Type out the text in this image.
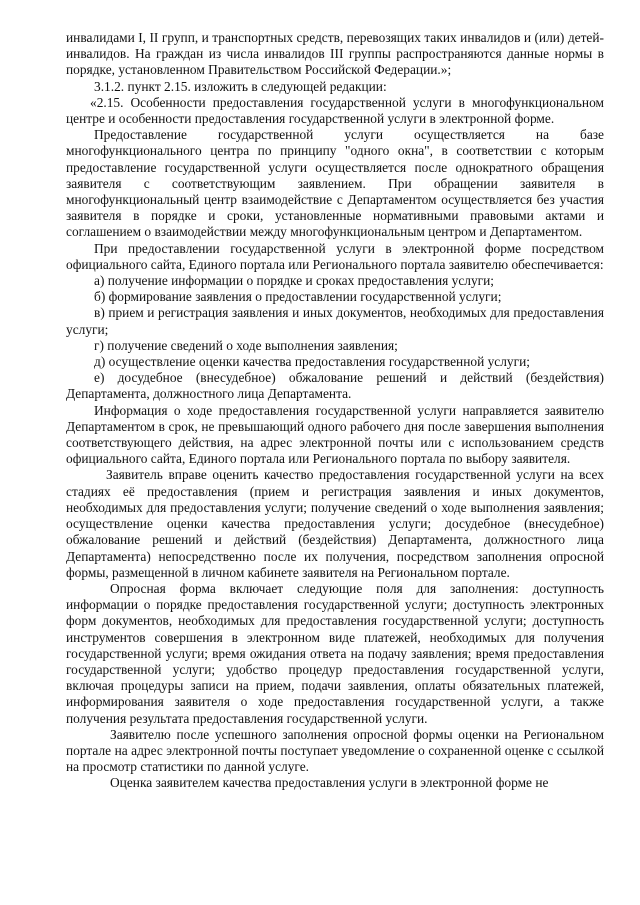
инвалидами I, II групп, и транспортных средств, перевозящих таких инвалидов и (или) детей-инвалидов. На граждан из числа инвалидов III группы распространяются данные нормы в порядке, установленном Правительством Российской Федерации.»;

3.1.2. пункт 2.15. изложить в следующей редакции:

«2.15. Особенности предоставления государственной услуги в многофункциональном центре и особенности предоставления государственной услуги в электронной форме.

Предоставление государственной услуги осуществляется на базе многофункционального центра по принципу "одного окна", в соответствии с которым предоставление государственной услуги осуществляется после однократного обращения заявителя с соответствующим заявлением. При обращении заявителя в многофункциональный центр взаимодействие с Департаментом осуществляется без участия заявителя в порядке и сроки, установленные нормативными правовыми актами и соглашением о взаимодействии между многофункциональным центром и Департаментом.

При предоставлении государственной услуги в электронной форме посредством официального сайта, Единого портала или Регионального портала заявителю обеспечивается:

а) получение информации о порядке и сроках предоставления услуги;

б) формирование заявления о предоставлении государственной услуги;

в) прием и регистрация заявления и иных документов, необходимых для предоставления услуги;

г) получение сведений о ходе выполнения заявления;

д) осуществление оценки качества предоставления государственной услуги;

е) досудебное (внесудебное) обжалование решений и действий (бездействия) Департамента, должностного лица Департамента.

Информация о ходе предоставления государственной услуги направляется заявителю Департаментом в срок, не превышающий одного рабочего дня после завершения выполнения соответствующего действия, на адрес электронной почты или с использованием средств официального сайта, Единого портала или Регионального портала по выбору заявителя.

Заявитель вправе оценить качество предоставления государственной услуги на всех стадиях её предоставления (прием и регистрация заявления и иных документов, необходимых для предоставления услуги; получение сведений о ходе выполнения заявления; осуществление оценки качества предоставления услуги; досудебное (внесудебное) обжалование решений и действий (бездействия) Департамента, должностного лица Департамента) непосредственно после их получения, посредством заполнения опросной формы, размещенной в личном кабинете заявителя на Региональном портале.

Опросная форма включает следующие поля для заполнения: доступность информации о порядке предоставления государственной услуги; доступность электронных форм документов, необходимых для предоставления государственной услуги; доступность инструментов совершения в электронном виде платежей, необходимых для получения государственной услуги; время ожидания ответа на подачу заявления; время предоставления государственной услуги; удобство процедур предоставления государственной услуги, включая процедуры записи на прием, подачи заявления, оплаты обязательных платежей, информирования заявителя о ходе предоставления государственной услуги, а также получения результата предоставления государственной услуги.

Заявителю после успешного заполнения опросной формы оценки на Региональном портале на адрес электронной почты поступает уведомление о сохраненной оценке с ссылкой на просмотр статистики по данной услуге.

Оценка заявителем качества предоставления услуги в электронной форме не
